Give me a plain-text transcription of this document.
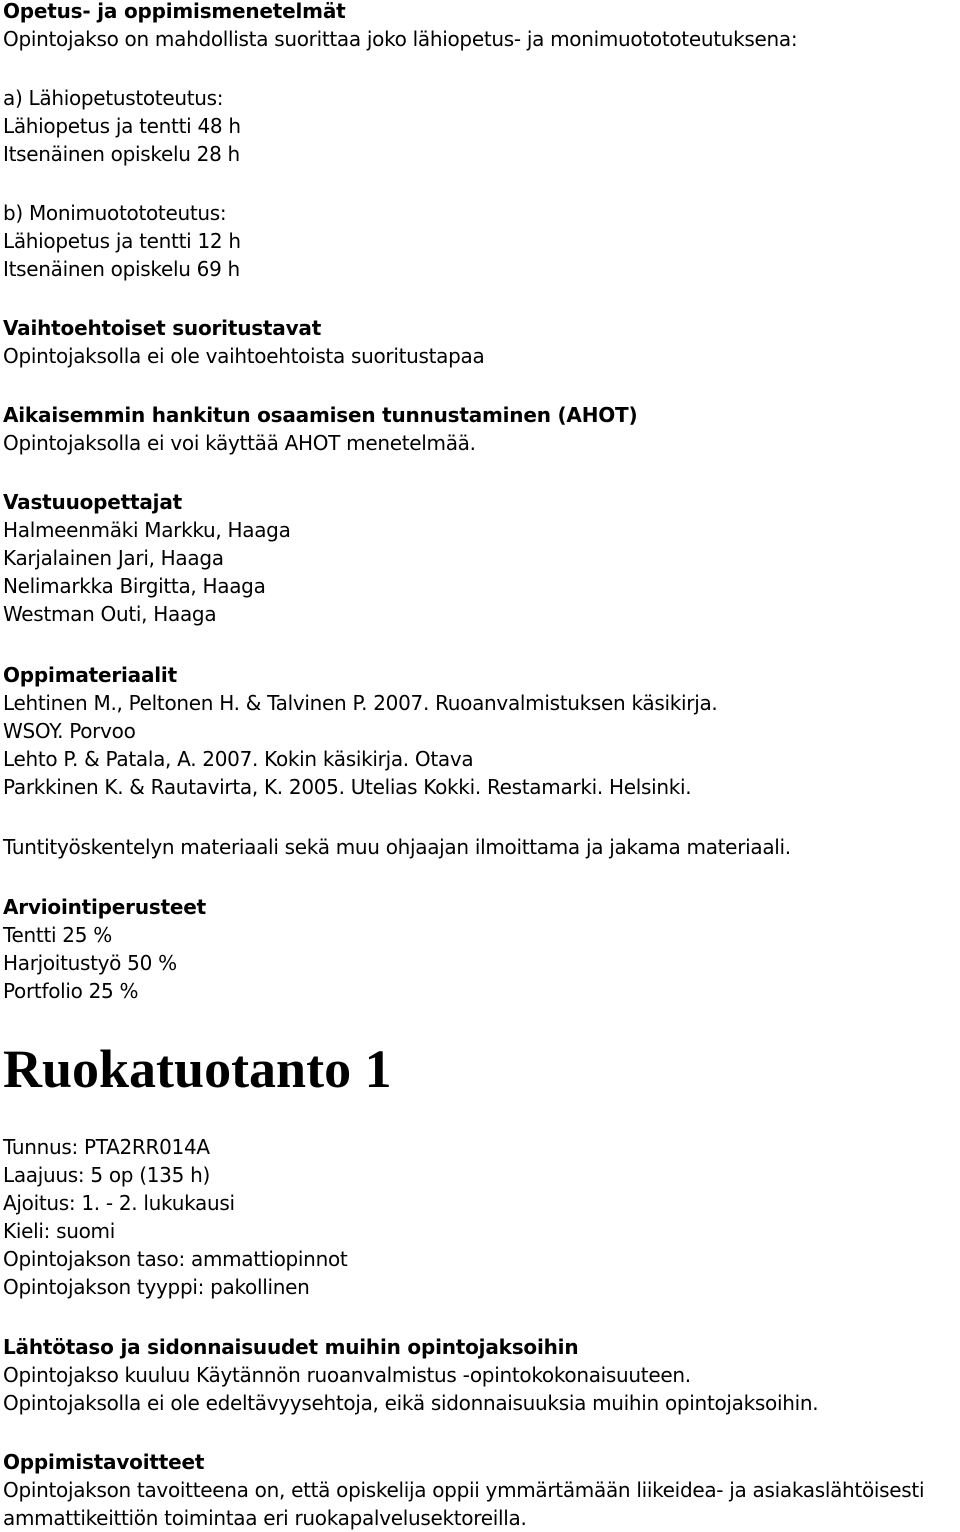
Opetus- ja oppimismenetelmät
Opintojakso on mahdollista suorittaa joko lähiopetus- ja monimuotototeutuksena:
a) Lähiopetustoteutus:
Lähiopetus ja tentti 48 h
Itsenäinen opiskelu 28 h
b) Monimuotototeutus:
Lähiopetus ja tentti 12 h
Itsenäinen opiskelu 69 h
Vaihtoehtoiset suoritustavat
Opintojaksolla ei ole vaihtoehtoista suoritustapaa
Aikaisemmin hankitun osaamisen tunnustaminen (AHOT)
Opintojaksolla ei voi käyttää AHOT menetelmää.
Vastuuopettajat
Halmeenmäki Markku, Haaga
Karjalainen Jari, Haaga
Nelimarkka Birgitta, Haaga
Westman Outi, Haaga
Oppimateriaalit
Lehtinen M., Peltonen H. & Talvinen P. 2007. Ruoanvalmistuksen käsikirja.
WSOY. Porvoo
Lehto P. & Patala, A. 2007. Kokin käsikirja. Otava
Parkkinen K. & Rautavirta, K. 2005. Utelias Kokki. Restamarki. Helsinki.
Tuntityöskentelyn materiaali sekä muu ohjaajan ilmoittama ja jakama materiaali.
Arviointiperusteet
Tentti 25 %
Harjoitustyö 50 %
Portfolio 25 %
Ruokatuotanto 1
Tunnus: PTA2RR014A
Laajuus: 5 op (135 h)
Ajoitus: 1. - 2. lukukausi
Kieli: suomi
Opintojakson taso: ammattiopinnot
Opintojakson tyyppi: pakollinen
Lähtötaso ja sidonnaisuudet muihin opintojaksoihin
Opintojakso kuuluu Käytännön ruoanvalmistus -opintokokonaisuuteen.
Opintojaksolla ei ole edeltävyysehtoja, eikä sidonnaisuuksia muihin opintojaksoihin.
Oppimistavoitteet
Opintojakson tavoitteena on, että opiskelija oppii ymmärtämään liikeidea- ja asiakaslähtöisesti
ammattikeittiön toimintaa eri ruokapalvelusektoreilla.
